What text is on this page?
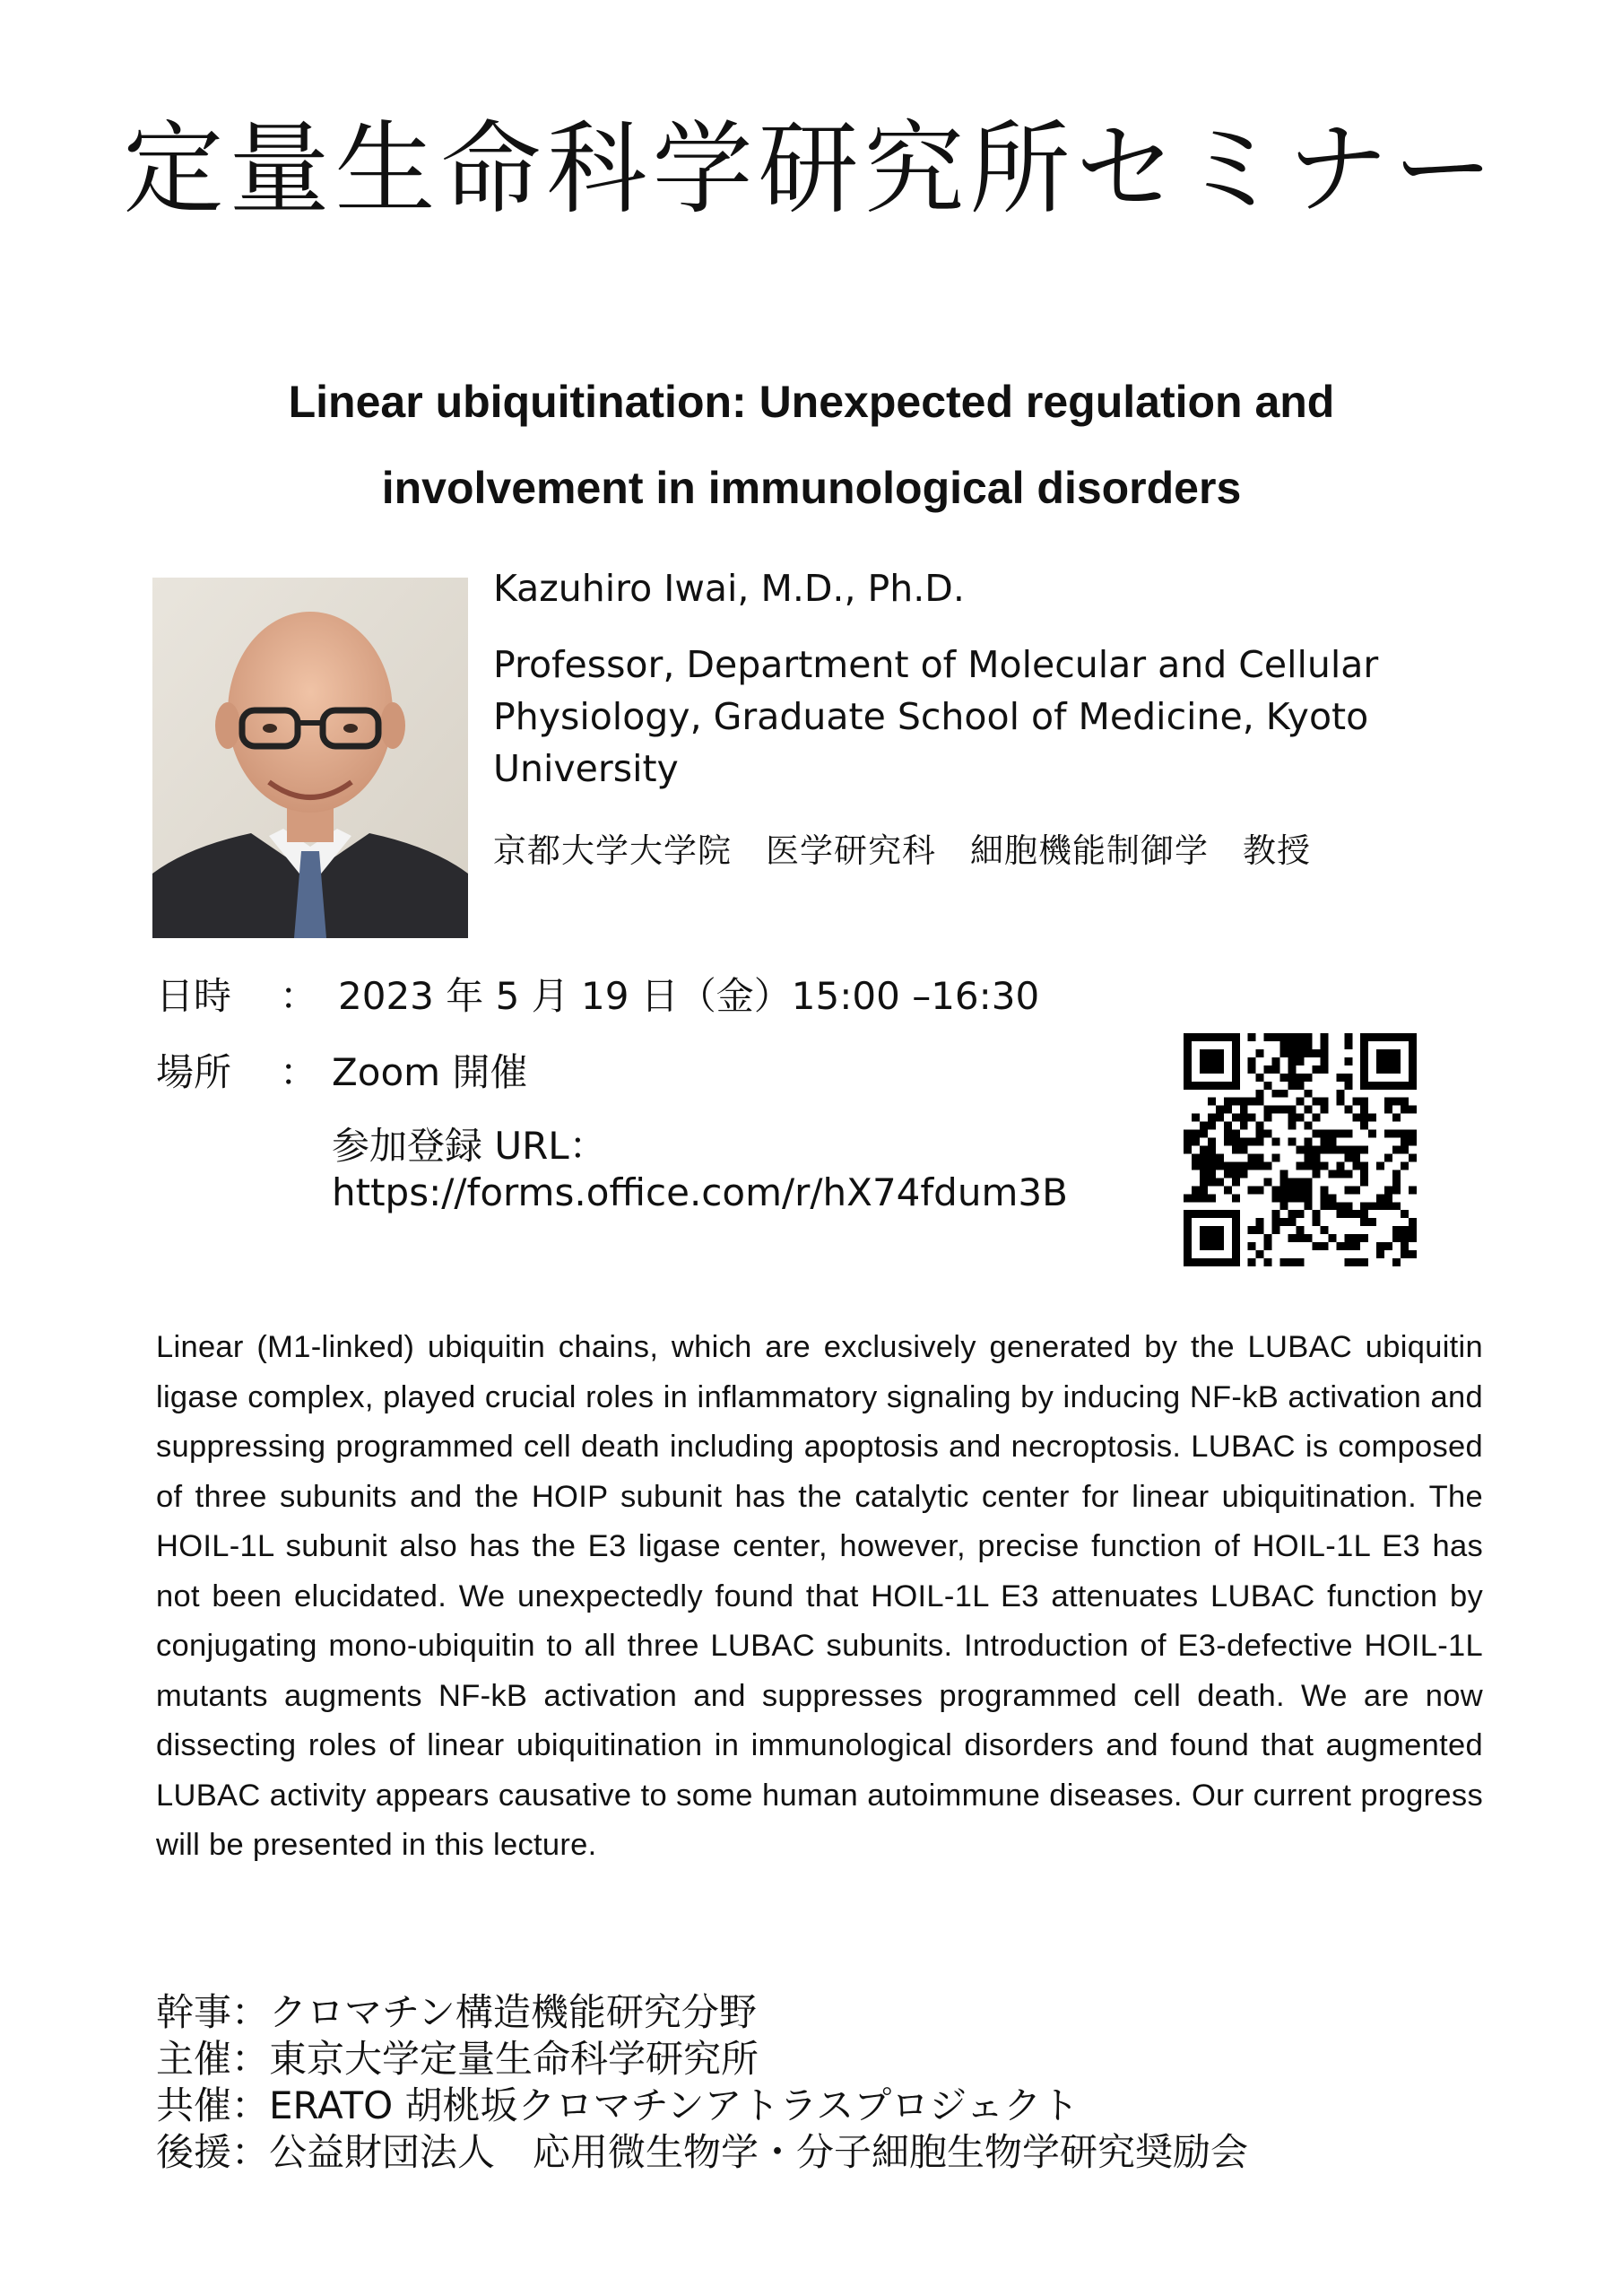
定量生命科学研究所セミナー
Linear ubiquitination: Unexpected regulation and
involvement in immunological disorders
Kazuhiro Iwai, M.D., Ph.D.
Professor, Department of Molecular and Cellular Physiology, Graduate School of Medicine, Kyoto University
京都大学大学院　医学研究科　細胞機能制御学　教授
日時 ： 2023 年 5 月 19 日（金）15:00 –16:30
場所 ： Zoom 開催
参加登録 URL：
https://forms.office.com/r/hX74fdum3B
Linear (M1-linked) ubiquitin chains, which are exclusively generated by the LUBAC ubiquitin ligase complex, played crucial roles in inflammatory signaling by inducing NF-kB activation and suppressing programmed cell death including apoptosis and necroptosis. LUBAC is composed of three subunits and the HOIP subunit has the catalytic center for linear ubiquitination. The HOIL-1L subunit also has the E3 ligase center, however, precise function of HOIL-1L E3 has not been elucidated. We unexpectedly found that HOIL-1L E3 attenuates LUBAC function by conjugating mono-ubiquitin to all three LUBAC subunits. Introduction of E3-defective HOIL-1L mutants augments NF-kB activation and suppresses programmed cell death. We are now dissecting roles of linear ubiquitination in immunological disorders and found that augmented LUBAC activity appears causative to some human autoimmune diseases. Our current progress will be presented in this lecture.
幹事：クロマチン構造機能研究分野
主催：東京大学定量生命科学研究所
共催：ERATO 胡桃坂クロマチンアトラスプロジェクト
後援：公益財団法人　応用微生物学・分子細胞生物学研究奨励会
